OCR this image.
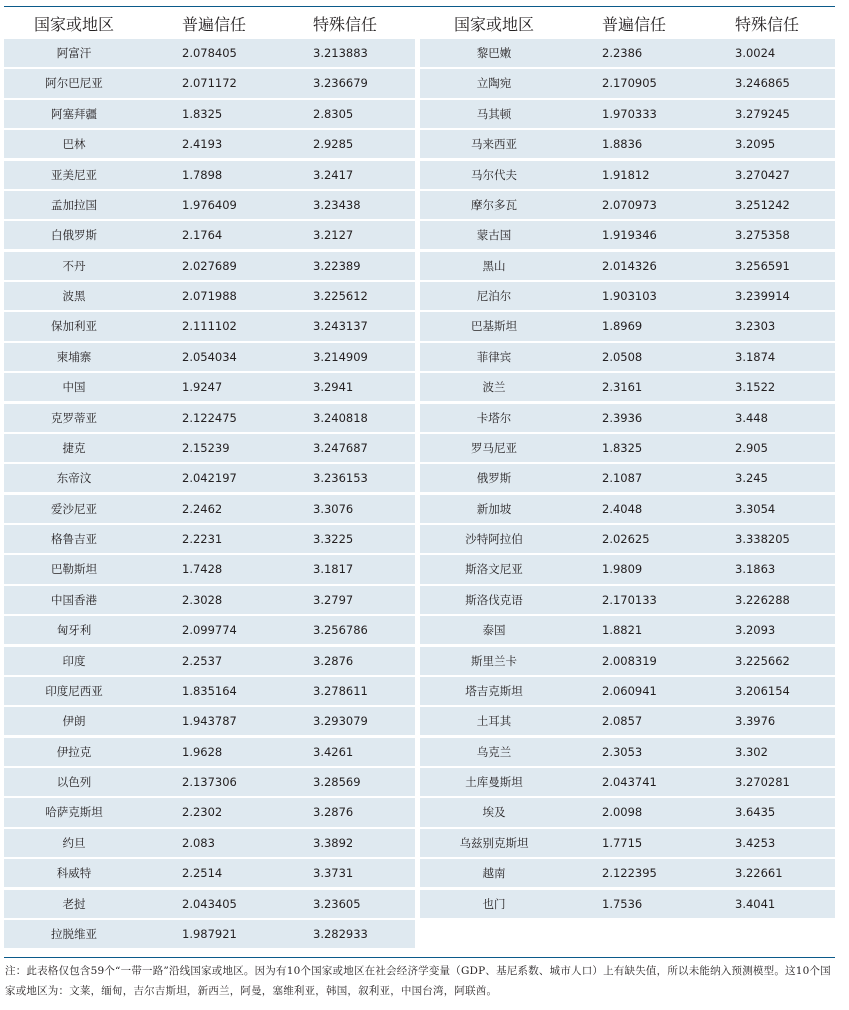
国家或地区	普遍信任	特殊信任	国家或地区	普遍信任	特殊信任
阿富汗	2.078405	3.213883
阿尔巴尼亚	2.071172	3.236679
阿塞拜疆	1.8325	2.8305
巴林	2.4193	2.9285
亚美尼亚	1.7898	3.2417
孟加拉国	1.976409	3.23438
白俄罗斯	2.1764	3.2127
不丹	2.027689	3.22389
波黑	2.071988	3.225612
保加利亚	2.111102	3.243137
柬埔寨	2.054034	3.214909
中国	1.9247	3.2941
克罗蒂亚	2.122475	3.240818
捷克	2.15239	3.247687
东帝汶	2.042197	3.236153
爱沙尼亚	2.2462	3.3076
格鲁吉亚	2.2231	3.3225
巴勒斯坦	1.7428	3.1817
中国香港	2.3028	3.2797
匈牙利	2.099774	3.256786
印度	2.2537	3.2876
印度尼西亚	1.835164	3.278611
伊朗	1.943787	3.293079
伊拉克	1.9628	3.4261
以色列	2.137306	3.28569
哈萨克斯坦	2.2302	3.2876
约旦	2.083	3.3892
科威特	2.2514	3.3731
老挝	2.043405	3.23605
拉脱维亚	1.987921	3.282933
黎巴嫩	2.2386	3.0024
立陶宛	2.170905	3.246865
马其顿	1.970333	3.279245
马来西亚	1.8836	3.2095
马尔代夫	1.91812	3.270427
摩尔多瓦	2.070973	3.251242
蒙古国	1.919346	3.275358
黑山	2.014326	3.256591
尼泊尔	1.903103	3.239914
巴基斯坦	1.8969	3.2303
菲律宾	2.0508	3.1874
波兰	2.3161	3.1522
卡塔尔	2.3936	3.448
罗马尼亚	1.8325	2.905
俄罗斯	2.1087	3.245
新加坡	2.4048	3.3054
沙特阿拉伯	2.02625	3.338205
斯洛文尼亚	1.9809	3.1863
斯洛伐克语	2.170133	3.226288
泰国	1.8821	3.2093
斯里兰卡	2.008319	3.225662
塔吉克斯坦	2.060941	3.206154
土耳其	2.0857	3.3976
乌克兰	2.3053	3.302
土库曼斯坦	2.043741	3.270281
埃及	2.0098	3.6435
乌兹别克斯坦	1.7715	3.4253
越南	2.122395	3.22661
也门	1.7536	3.4041
注：此表格仅包含59个“一带一路”沿线国家或地区。因为有10个国家或地区在社会经济学变量（GDP、基尼系数、城市人口）上有缺失值，所以未能纳入预测模型。这10个国家或地区为：文莱，缅甸，吉尔吉斯坦，新西兰，阿曼，塞维利亚，韩国，叙利亚，中国台湾，阿联酋。
